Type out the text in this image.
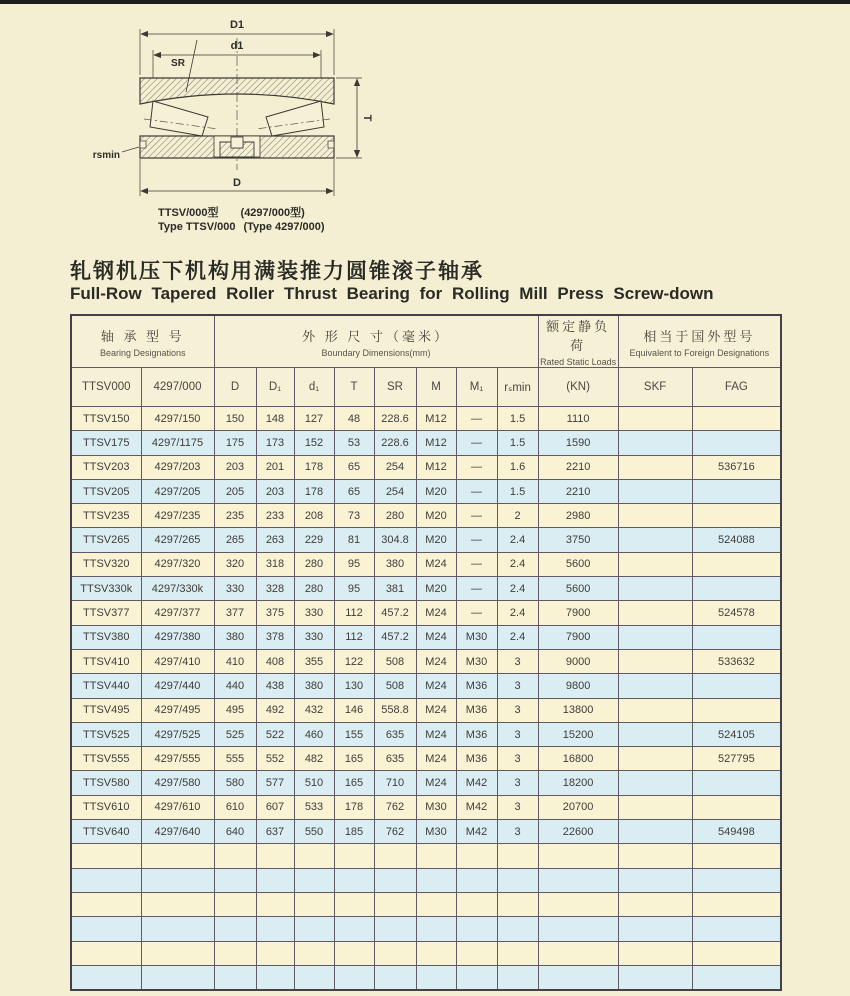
D1
d1
SR
T
rsmin
D
TTSV/000型 (4297/000型)
Type TTSV/000 (Type 4297/000)
轧钢机压下机构用满装推力圆锥滚子轴承
Full-Row Tapered Roller Thrust Bearing for Rolling Mill Press Screw-down
轴 承 型 号
Bearing Designations

外 形 尺 寸（毫米）
Boundary Dimensions(mm)

额定静负荷
Rated Static Loads

相当于国外型号
Equivalent to Foreign Designations

TTSV000	4297/000	D	D₁	d₁	T	SR	M	M₁	rₛmin	(KN)	SKF	FAG
TTSV150	4297/150	150	148	127	48	228.6	M12	—	1.5	1110		
TTSV175	4297/1175	175	173	152	53	228.6	M12	—	1.5	1590		
TTSV203	4297/203	203	201	178	65	254	M12	—	1.6	2210		536716
TTSV205	4297/205	205	203	178	65	254	M20	—	1.5	2210		
TTSV235	4297/235	235	233	208	73	280	M20	—	2	2980		
TTSV265	4297/265	265	263	229	81	304.8	M20	—	2.4	3750		524088
TTSV320	4297/320	320	318	280	95	380	M24	—	2.4	5600		
TTSV330k	4297/330k	330	328	280	95	381	M20	—	2.4	5600		
TTSV377	4297/377	377	375	330	112	457.2	M24	—	2.4	7900		524578
TTSV380	4297/380	380	378	330	112	457.2	M24	M30	2.4	7900		
TTSV410	4297/410	410	408	355	122	508	M24	M30	3	9000		533632
TTSV440	4297/440	440	438	380	130	508	M24	M36	3	9800		
TTSV495	4297/495	495	492	432	146	558.8	M24	M36	3	13800		
TTSV525	4297/525	525	522	460	155	635	M24	M36	3	15200		524105
TTSV555	4297/555	555	552	482	165	635	M24	M36	3	16800		527795
TTSV580	4297/580	580	577	510	165	710	M24	M42	3	18200		
TTSV610	4297/610	610	607	533	178	762	M30	M42	3	20700		
TTSV640	4297/640	640	637	550	185	762	M30	M42	3	22600		549498
